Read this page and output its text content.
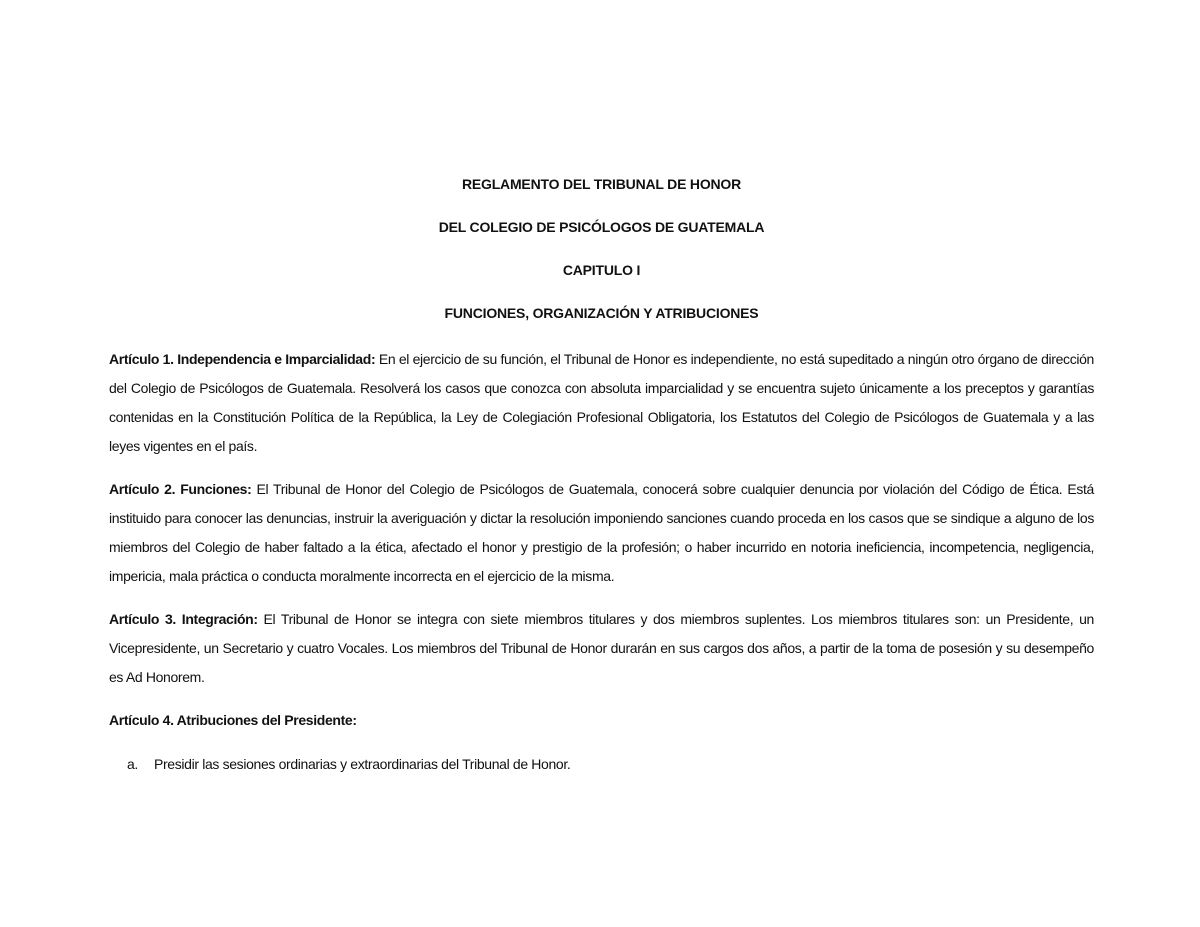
REGLAMENTO DEL TRIBUNAL DE HONOR
DEL COLEGIO DE PSICÓLOGOS DE GUATEMALA
CAPITULO I
FUNCIONES, ORGANIZACIÓN Y ATRIBUCIONES

Artículo 1. Independencia e Imparcialidad: En el ejercicio de su función, el Tribunal de Honor es independiente, no está supeditado a ningún otro órgano de dirección del Colegio de Psicólogos de Guatemala. Resolverá los casos que conozca con absoluta imparcialidad y se encuentra sujeto únicamente a los preceptos y garantías contenidas en la Constitución Política de la República, la Ley de Colegiación Profesional Obligatoria, los Estatutos del Colegio de Psicólogos de Guatemala y a las leyes vigentes en el país.

Artículo 2. Funciones: El Tribunal de Honor del Colegio de Psicólogos de Guatemala, conocerá sobre cualquier denuncia por violación del Código de Ética. Está instituido para conocer las denuncias, instruir la averiguación y dictar la resolución imponiendo sanciones cuando proceda en los casos que se sindique a alguno de los miembros del Colegio de haber faltado a la ética, afectado el honor y prestigio de la profesión; o haber incurrido en notoria ineficiencia, incompetencia, negligencia, impericia, mala práctica o conducta moralmente incorrecta en el ejercicio de la misma.

Artículo 3. Integración: El Tribunal de Honor se integra con siete miembros titulares y dos miembros suplentes. Los miembros titulares son: un Presidente, un Vicepresidente, un Secretario y cuatro Vocales. Los miembros del Tribunal de Honor durarán en sus cargos dos años, a partir de la toma de posesión y su desempeño es Ad Honorem.

Artículo 4. Atribuciones del Presidente:
a.	Presidir las sesiones ordinarias y extraordinarias del Tribunal de Honor.
